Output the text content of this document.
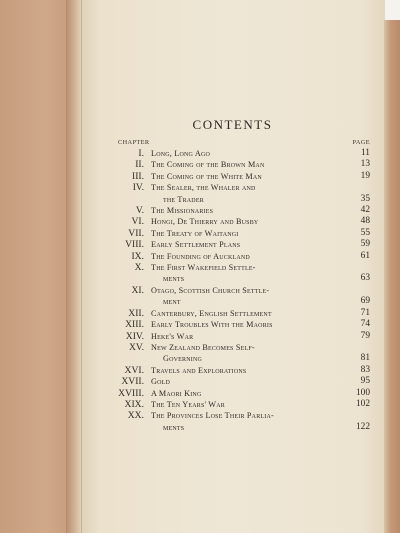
CONTENTS
CHAPTER	PAGE
I. Long, Long Ago	11
II. The Coming of the Brown Man	13
III. The Coming of the White Man	19
IV. The Sealer, the Whaler and
the Trader	35
V. The Missionaries	42
VI. Hongi, De Thierry and Busby	48
VII. The Treaty of Waitangi	55
VIII. Early Settlement Plans	59
IX. The Founding of Auckland	61
X. The First Wakefield Settle-
ments	63
XI. Otago, Scottish Church Settle-
ment	69
XII. Canterbury, English Settlement	71
XIII. Early Troubles With the Maoris	74
XIV. Heke's War	79
XV. New Zealand Becomes Self-
Governing	81
XVI. Travels and Explorations	83
XVII. Gold	95
XVIII. A Maori King	100
XIX. The Ten Years' War	102
XX. The Provinces Lose Their Parlia-
ments	122
